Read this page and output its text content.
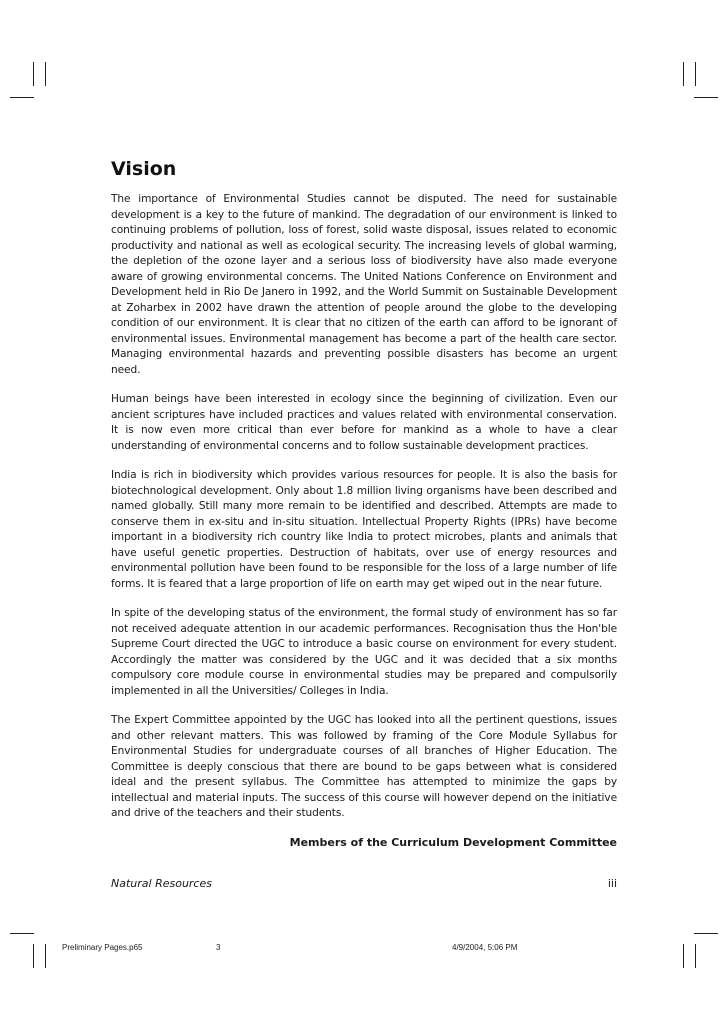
Vision

The importance of Environmental Studies cannot be disputed. The need for sustainable development is a key to the future of mankind. The degradation of our environment is linked to continuing problems of pollution, loss of forest, solid waste disposal, issues related to economic productivity and national as well as ecological security. The increasing levels of global warming, the depletion of the ozone layer and a serious loss of biodiversity have also made everyone aware of growing environmental concerns. The United Nations Conference on Environment and Development held in Rio De Janero in 1992, and the World Summit on Sustainable Development at Zoharbex in 2002 have drawn the attention of people around the globe to the developing condition of our environment. It is clear that no citizen of the earth can afford to be ignorant of environmental issues. Environmental management has become a part of the health care sector. Managing environmental hazards and preventing possible disasters has become an urgent need.

Human beings have been interested in ecology since the beginning of civilization. Even our ancient scriptures have included practices and values related with environmental conservation. It is now even more critical than ever before for mankind as a whole to have a clear understanding of environmental concerns and to follow sustainable development practices.

India is rich in biodiversity which provides various resources for people. It is also the basis for biotechnological development. Only about 1.8 million living organisms have been described and named globally. Still many more remain to be identified and described. Attempts are made to conserve them in ex-situ and in-situ situation. Intellectual Property Rights (IPRs) have become important in a biodiversity rich country like India to protect microbes, plants and animals that have useful genetic properties. Destruction of habitats, over use of energy resources and environmental pollution have been found to be responsible for the loss of a large number of life forms. It is feared that a large proportion of life on earth may get wiped out in the near future.

In spite of the developing status of the environment, the formal study of environment has so far not received adequate attention in our academic performances. Recognisation thus the Hon'ble Supreme Court directed the UGC to introduce a basic course on environment for every student. Accordingly the matter was considered by the UGC and it was decided that a six months compulsory core module course in environmental studies may be prepared and compulsorily implemented in all the Universities/ Colleges in India.

The Expert Committee appointed by the UGC has looked into all the pertinent questions, issues and other relevant matters. This was followed by framing of the Core Module Syllabus for Environmental Studies for undergraduate courses of all branches of Higher Education. The Committee is deeply conscious that there are bound to be gaps between what is considered ideal and the present syllabus. The Committee has attempted to minimize the gaps by intellectual and material inputs. The success of this course will however depend on the initiative and drive of the teachers and their students.

Members of the Curriculum Development Committee

Natural Resources	iii
Preliminary Pages.p65	3	4/9/2004, 5:06 PM
